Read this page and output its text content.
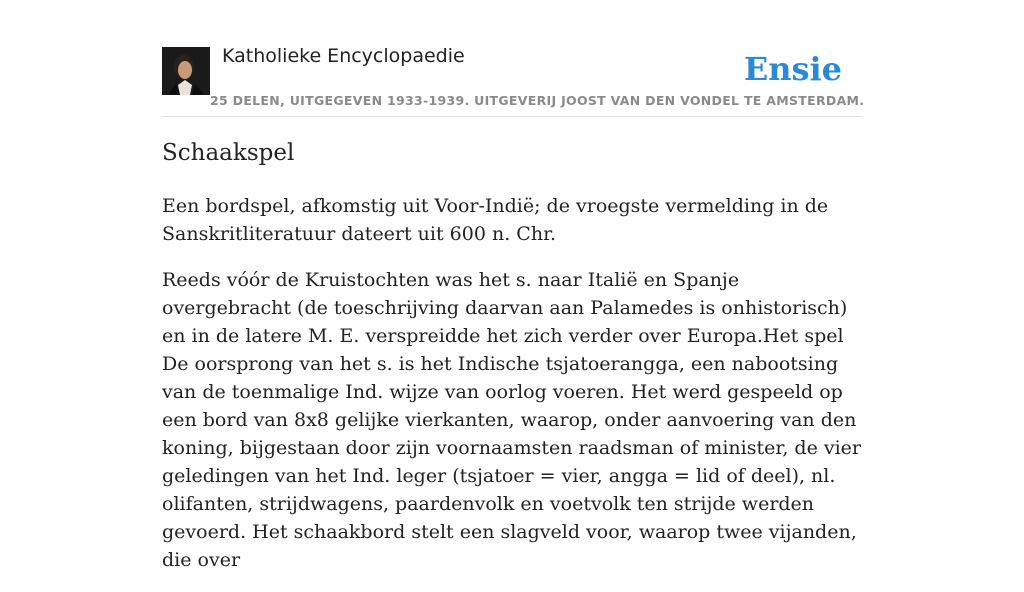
Katholieke Encyclopaedie
25 DELEN, UITGEGEVEN 1933-1939. UITGEVERIJ JOOST VAN DEN VONDEL TE AMSTERDAM.
Ensie
Schaakspel

Een bordspel, afkomstig uit Voor-Indië; de vroegste vermelding in de Sanskritliteratuur dateert uit 600 n. Chr.

Reeds vóór de Kruistochten was het s. naar Italië en Spanje overgebracht (de toeschrijving daarvan aan Palamedes is onhistorisch) en in de latere M. E. verspreidde het zich verder over Europa.Het spel De oorsprong van het s. is het Indische tsjatoerangga, een nabootsing van de toenmalige Ind. wijze van oorlog voeren. Het werd gespeeld op een bord van 8x8 gelijke vierkanten, waarop, onder aanvoering van den koning, bijgestaan door zijn voornaamsten raadsman of minister, de vier geledingen van het Ind. leger (tsjatoer = vier, angga = lid of deel), nl. olifanten, strijdwagens, paardenvolk en voetvolk ten strijde werden gevoerd. Het schaakbord stelt een slagveld voor, waarop twee vijanden, die over
